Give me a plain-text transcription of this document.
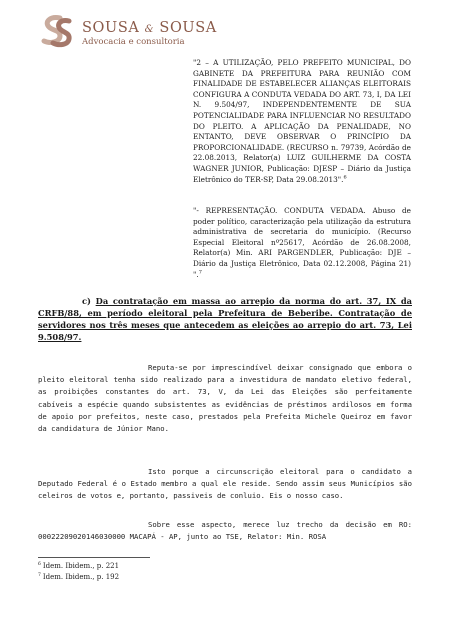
SOUSA & SOUSA

Advocacia e consultoria

"2 – A UTILIZAÇÃO, PELO PREFEITO MUNICIPAL, DO GABINETE DA PREFEITURA PARA REUNIÃO COM FINALIDADE DE ESTABELECER ALIANÇAS ELEITORAIS CONFIGURA A CONDUTA VEDADA DO ART. 73, I, DA LEI N. 9.504/97, INDEPENDENTEMENTE DE SUA POTENCIALIDADE PARA INFLUENCIAR NO RESULTADO DO PLEITO. A APLICAÇÃO DA PENALIDADE, NO ENTANTO, DEVE OBSERVAR O PRINCÍPIO DA PROPORCIONALIDADE. (RECURSO n. 79739, Acórdão de 22.08.2013, Relator(a) LUIZ GUILHERME DA COSTA WAGNER JUNIOR, Publicação: DJESP – Diário da Justiça Eletrônico do TER-SP, Data 29.08.2013".$^6$

"- REPRESENTAÇÃO. CONDUTA VEDADA. Abuso de poder político, caracterização pela utilização da estrutura administrativa de secretaria do município. (Recurso Especial Eleitoral nº25617, Acórdão de 26.08.2008, Relator(a) Min. ARI PARGENDLER, Publicação: DJE – Diário da Justiça Eletrônico, Data 02.12.2008, Página 21) ".$^7$

c) Da contratação em massa ao arrepio da norma do art. 37, IX da CRFB/88, em período eleitoral pela Prefeitura de Beberibe. Contratação de servidores nos três meses que antecedem as eleições ao arrepio do art. 73, Lei 9.508/97.

Reputa-se por imprescindível deixar consignado que embora o pleito eleitoral tenha sido realizado para a investidura de mandato eletivo federal, as proibições constantes do art. 73, V, da Lei das Eleições são perfeitamente cabíveis a espécie quando subsistentes as evidências de préstimos ardilosos em forma de apoio por prefeitos, neste caso, prestados pela Prefeita Michele Queiroz em favor da candidatura de Júnior Mano.

Isto porque a circunscrição eleitoral para o candidato a Deputado Federal é o Estado membro a qual ele reside. Sendo assim seus Municípios são celeiros de votos e, portanto, passiveis de conluio. Eis o nosso caso.

Sobre esse aspecto, merece luz trecho da decisão em RO: 00022209020146030000 MACAPÁ - AP, junto ao TSE, Relator: Min. ROSA

$^6$ Idem. Ibidem., p. 221

$^7$ Idem. Ibidem., p. 192
